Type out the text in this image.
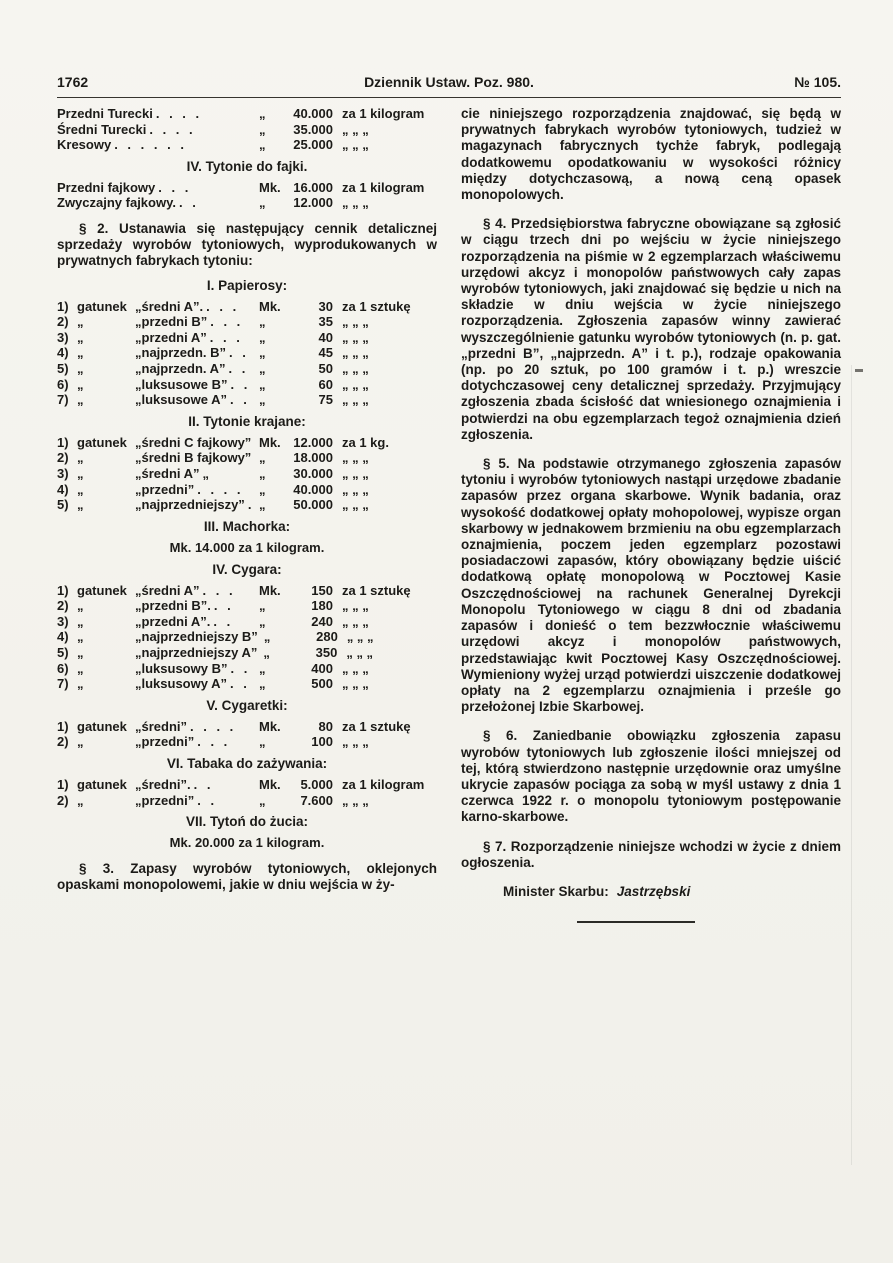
1762	Dziennik Ustaw. Poz. 980.	№ 105.
Przedni Turecki . . . .	„	40.000 za 1 kilogram
Średni Turecki . . . .	„	35.000 „ „ „
Kresowy . . . . . .	„	25.000 „ „ „
IV. Tytonie do fajki.
Przedni fajkowy . . .	Mk. 16.000 za 1 kilogram
Zwyczajny fajkowy. . .	„	12.000 „ „ „

§ 2. Ustanawia się następujący cennik detalicznej sprzedaży wyrobów tytoniowych, wyprodukowanych w prywatnych fabrykach tytoniu:

I. Papierosy:
1) gatunek „średni A”. . . .	Mk.	30 za 1 sztukę
2) „	„przedni B” . . .	„	35 „ „ „
3) „	„przedni A” . . .	„	40 „ „ „
4) „	„najprzedn. B” . . „	45 „ „ „
5) „	„najprzedn. A” . . „	50 „ „ „
6) „	„luksusowe B” . . „	60 „ „ „
7) „	„luksusowe A” . . „	75 „ „ „
II. Tytonie krajane:
1) gatunek „średni C fajkowy” Mk. 12.000 za 1 kg.
2) „	„średni B fajkowy” „	18.000 „ „ „
3) „	„średni A” „	„	30.000 „ „ „
4) „	„przedni” . . . .	„	40.000 „ „ „
5) „	„najprzedniejszy” . „	50.000 „ „ „
III. Machorka:
Mk. 14.000 za 1 kilogram.
IV. Cygara:
1) gatunek „średni A” . . .	Mk.	150 za 1 sztukę
2) „	„przedni B”. . .	„	180 „ „ „
3) „	„przedni A”. . .	„	240 „ „ „
4) „	„najprzedniejszy B” „	280 „ „ „
5) „	„najprzedniejszy A” „	350 „ „ „
6) „	„luksusowy B” . . „	400 „ „ „
7) „	„luksusowy A” . . „	500 „ „ „
V. Cygaretki:
1) gatunek „średni” . . . .	Mk.	80 za 1 sztukę
2) „	„przedni” . . .	„	100 „ „ „
VI. Tabaka do zażywania:
1) gatunek „średni”. . .	Mk.	5.000 za 1 kilogram
2) „	„przedni” . .	„	7.600 „ „ „
VII. Tytoń do żucia:
Mk. 20.000 za 1 kilogram.

§ 3. Zapasy wyrobów tytoniowych, oklejonych opaskami monopolowemi, jakie w dniu wejścia w ży-

cie niniejszego rozporządzenia znajdować, się będą w prywatnych fabrykach wyrobów tytoniowych, tudzież w magazynach fabrycznych tychże fabryk, podlegają dodatkowemu opodatkowaniu w wysokości różnicy między dotychczasową, a nową ceną opasek monopolowych.

§ 4. Przedsiębiorstwa fabryczne obowiązane są zgłosić w ciągu trzech dni po wejściu w życie niniejszego rozporządzenia na piśmie w 2 egzemplarzach właściwemu urzędowi akcyz i monopolów państwowych cały zapas wyrobów tytoniowych, jaki znajdować się będzie u nich na składzie w dniu wejścia w życie niniejszego rozporządzenia. Zgłoszenia zapasów winny zawierać wyszczególnienie gatunku wyrobów tytoniowych (n. p. gat. „przedni B”, „najprzedn. A” i t. p.), rodzaje opakowania (np. po 20 sztuk, po 100 gramów i t. p.) wreszcie dotychczasowej ceny detalicznej sprzedaży. Przyjmujący zgłoszenia zbada ścisłość dat wniesionego oznajmienia i potwierdzi na obu egzemplarzach tegoż oznajmienia dzień zgłoszenia.

§ 5. Na podstawie otrzymanego zgłoszenia zapasów tytoniu i wyrobów tytoniowych nastąpi urzędowe zbadanie zapasów przez organa skarbowe. Wynik badania, oraz wysokość dodatkowej opłaty mohopolowej, wypisze organ skarbowy w jednakowem brzmieniu na obu egzemplarzach oznajmienia, poczem jeden egzemplarz pozostawi posiadaczowi zapasów, który obowiązany będzie uiścić dodatkową opłatę monopolową w Pocztowej Kasie Oszczędnościowej na rachunek Generalnej Dyrekcji Monopolu Tytoniowego w ciągu 8 dni od zbadania zapasów i donieść o tem bezzwłocznie właściwemu urzędowi akcyz i monopolów państwowych, przedstawiając kwit Pocztowej Kasy Oszczędnościowej. Wymieniony wyżej urząd potwierdzi uiszczenie dodatkowej opłaty na 2 egzemplarzu oznajmienia i prześle go przełożonej Izbie Skarbowej.

§ 6. Zaniedbanie obowiązku zgłoszenia zapasu wyrobów tytoniowych lub zgłoszenie ilości mniejszej od tej, którą stwierdzono następnie urzędownie oraz umyślne ukrycie zapasów pociąga za sobą w myśl ustawy z dnia 1 czerwca 1922 r. o monopolu tytoniowym postępowanie karno-skarbowe.

§ 7. Rozporządzenie niniejsze wchodzi w życie z dniem ogłoszenia.

Minister Skarbu: Jastrzębski
